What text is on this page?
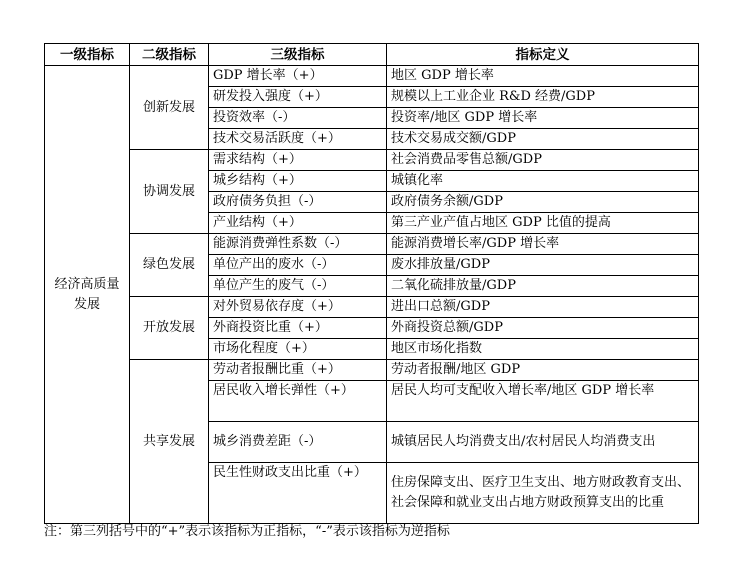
一级指标	二级指标	三级指标	指标定义
经济高质量发展	创新发展	GDP 增长率（+）	地区 GDP 增长率
		研发投入强度（+）	规模以上工业企业 R&D 经费/GDP
		投资效率（-）	投资率/地区 GDP 增长率
		技术交易活跃度（+）	技术交易成交额/GDP
	协调发展	需求结构（+）	社会消费品零售总额/GDP
		城乡结构（+）	城镇化率
		政府债务负担（-）	政府债务余额/GDP
		产业结构（+）	第三产业产值占地区 GDP 比值的提高
	绿色发展	能源消费弹性系数（-）	能源消费增长率/GDP 增长率
		单位产出的废水（-）	废水排放量/GDP
		单位产生的废气（-）	二氧化硫排放量/GDP
	开放发展	对外贸易依存度（+）	进出口总额/GDP
		外商投资比重（+）	外商投资总额/GDP
		市场化程度（+）	地区市场化指数
	共享发展	劳动者报酬比重（+）	劳动者报酬/地区 GDP
		居民收入增长弹性（+）	居民人均可支配收入增长率/地区 GDP 增长率
		城乡消费差距（-）	城镇居民人均消费支出/农村居民人均消费支出
		民生性财政支出比重（+）	住房保障支出、医疗卫生支出、地方财政教育支出、社会保障和就业支出占地方财政预算支出的比重
注：第三列括号中的“+”表示该指标为正指标，“-”表示该指标为逆指标
